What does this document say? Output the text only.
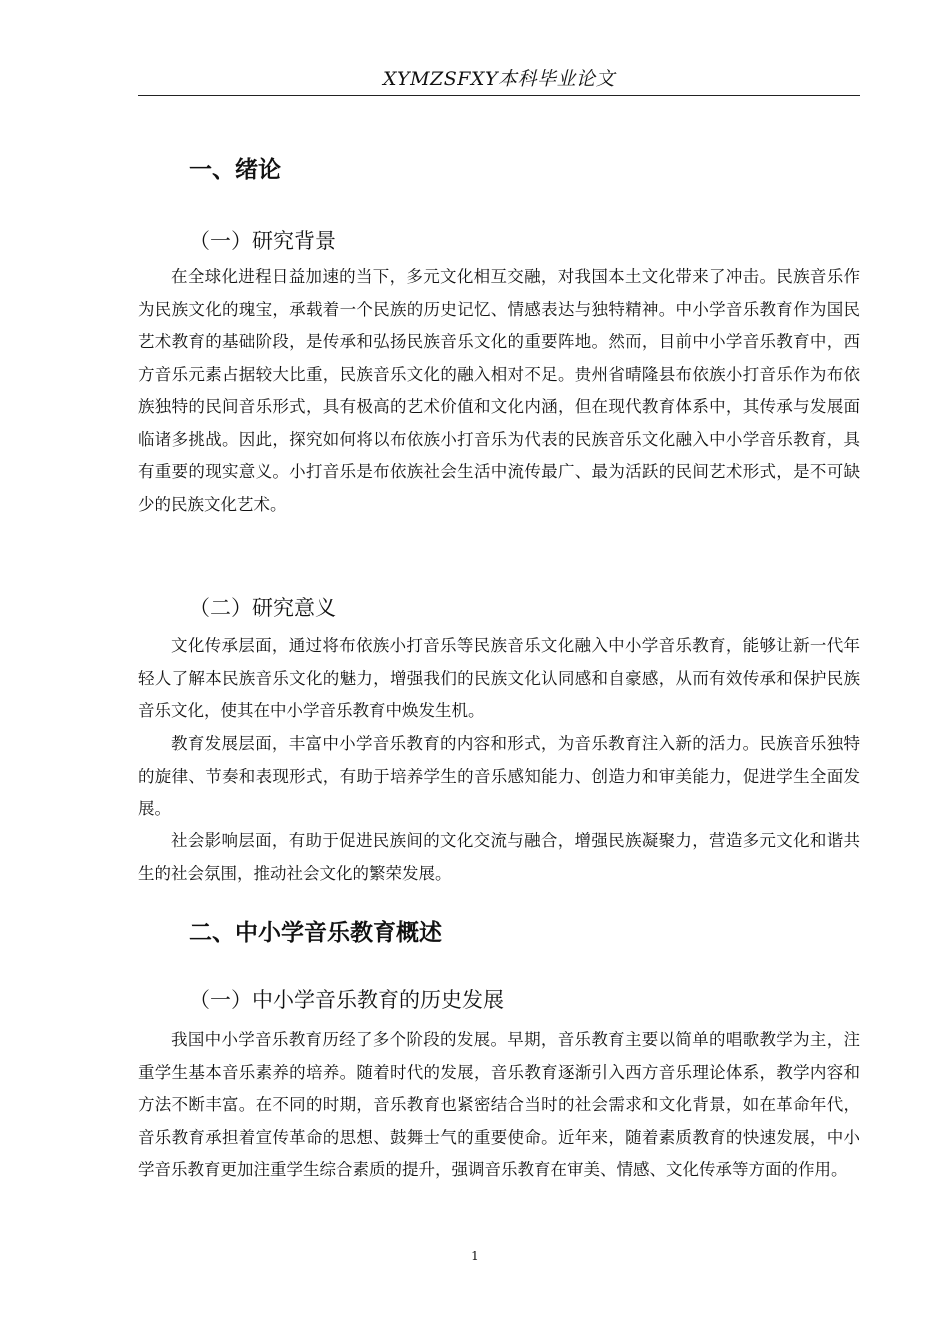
XYMZSFXY本科毕业论文
一、绪论
（一）研究背景

在全球化进程日益加速的当下，多元文化相互交融，对我国本土文化带来了冲击。民族音乐作为民族文化的瑰宝，承载着一个民族的历史记忆、情感表达与独特精神。中小学音乐教育作为国民艺术教育的基础阶段，是传承和弘扬民族音乐文化的重要阵地。然而，目前中小学音乐教育中，西方音乐元素占据较大比重，民族音乐文化的融入相对不足。贵州省晴隆县布依族小打音乐作为布依族独特的民间音乐形式，具有极高的艺术价值和文化内涵，但在现代教育体系中，其传承与发展面临诸多挑战。因此，探究如何将以布依族小打音乐为代表的民族音乐文化融入中小学音乐教育，具有重要的现实意义。小打音乐是布依族社会生活中流传最广、最为活跃的民间艺术形式，是不可缺少的民族文化艺术。

（二）研究意义

文化传承层面，通过将布依族小打音乐等民族音乐文化融入中小学音乐教育，能够让新一代年轻人了解本民族音乐文化的魅力，增强我们的民族文化认同感和自豪感，从而有效传承和保护民族音乐文化，使其在中小学音乐教育中焕发生机。

教育发展层面，丰富中小学音乐教育的内容和形式，为音乐教育注入新的活力。民族音乐独特的旋律、节奏和表现形式，有助于培养学生的音乐感知能力、创造力和审美能力，促进学生全面发展。

社会影响层面，有助于促进民族间的文化交流与融合，增强民族凝聚力，营造多元文化和谐共生的社会氛围，推动社会文化的繁荣发展。

二、中小学音乐教育概述
（一）中小学音乐教育的历史发展

我国中小学音乐教育历经了多个阶段的发展。早期，音乐教育主要以简单的唱歌教学为主，注重学生基本音乐素养的培养。随着时代的发展，音乐教育逐渐引入西方音乐理论体系，教学内容和方法不断丰富。在不同的时期，音乐教育也紧密结合当时的社会需求和文化背景，如在革命年代，音乐教育承担着宣传革命的思想、鼓舞士气的重要使命。近年来，随着素质教育的快速发展，中小学音乐教育更加注重学生综合素质的提升，强调音乐教育在审美、情感、文化传承等方面的作用。

1
